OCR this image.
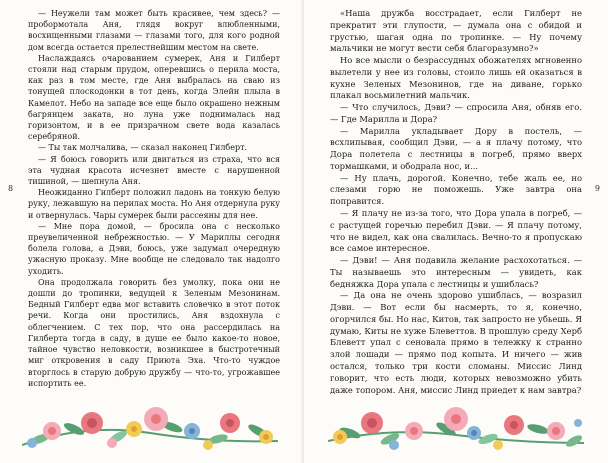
— Неужели там может быть красивее, чем здесь? — пробормотала Аня, глядя вокруг влюбленными, восхищенными глазами — глазами того, для кого родной дом всегда остается прелестнейшим местом на свете.

Наслаждаясь очарованием сумерек, Аня и Гилберт стояли над старым прудом, оперевшись о перила моста, как раз в том месте, где Аня выбралась на сваю из тонущей плоскодонки в тот день, когда Элейн плыла в Камелот. Небо на западе все еще было окрашено нежным багрянцем заката, но луна уже поднималась над горизонтом, и в ее призрачном свете вода казалась серебряной.

— Ты так молчалива, — сказал наконец Гилберт.

— Я боюсь говорить или двигаться из страха, что вся эта чудная красота исчезнет вместе с нарушенной тишиной, — шепнула Аня.

Неожиданно Гилберт положил ладонь на тонкую белую руку, лежавшую на перилах моста. Но Аня отдернула руку и отвернулась. Чары сумерек были рассеяны для нее.

— Мне пора домой, — бросила она с несколько преувеличенной небрежностью. — У Мариллы сегодня болела голова, а Дэви, боюсь, уже задумал очередную ужасную проказу. Мне вообще не следовало так надолго уходить.

Она продолжала говорить без умолку, пока они не дошли до тропинки, ведущей к Зеленым Мезонинам. Бедный Гилберт едва мог вставить словечко в этот поток речи. Когда они простились, Аня вздохнула с облегчением. С тех пор, что она рассердилась на Гилберта тогда в саду, в душе ее было какое-то новое, тайное чувство неловкости, возникшее в быстротечный миг откровения в саду Приюта Эха. Что-то чуждое вторглось в старую добрую дружбу — что-то, угрожавшее испортить ее.

8

«Наша дружба восстрадает, если Гилберт не прекратит эти глупости, — думала она с обидой и грустью, шагая одна по тропинке. — Ну почему мальчики не могут вести себя благоразумно?»

Но все мысли о безрассудных обожателях мгновенно вылетели у нее из головы, стоило лишь ей оказаться в кухне Зеленых Мезонинов, где на диване, горько плакал восьмилетний мальчик.

— Что случилось, Дэви? — спросила Аня, обняв его. — Где Марилла и Дора?

— Марилла укладывает Дору в постель, — всхлипывая, сообщил Дэви, — а я плачу потому, что Дора полетела с лестницы в погреб, прямо вверх тормашками, и ободрала нос, и...

— Ну плачь, дорогой. Конечно, тебе жаль ее, но слезами горю не поможешь. Уже завтра она поправится.

— Я плачу не из-за того, что Дора упала в погреб, — с растущей горечью перебил Дэви. — Я плачу потому, что не видел, как она свалилась. Вечно-то я пропускаю все самое интересное.

— Дэви! — Аня подавила желание расхохотаться. — Ты называешь это интересным — увидеть, как бедняжка Дора упала с лестницы и ушиблась?

— Да она не очень здорово ушиблась, — возразил Дэви. — Вот если бы насмерть, то я, конечно, огорчился бы. Но нас, Китов, так запросто не убьешь. Я думаю, Киты не хуже Блеветтов. В прошлую среду Херб Блеветт упал с сеновала прямо в тележку к странно злой лошади — прямо под копыта. И ничего — жив остался, только три кости сломаны. Миссис Линд говорит, что есть люди, которых невозможно убить даже топором. Аня, миссис Линд приедет к нам завтра?

9
